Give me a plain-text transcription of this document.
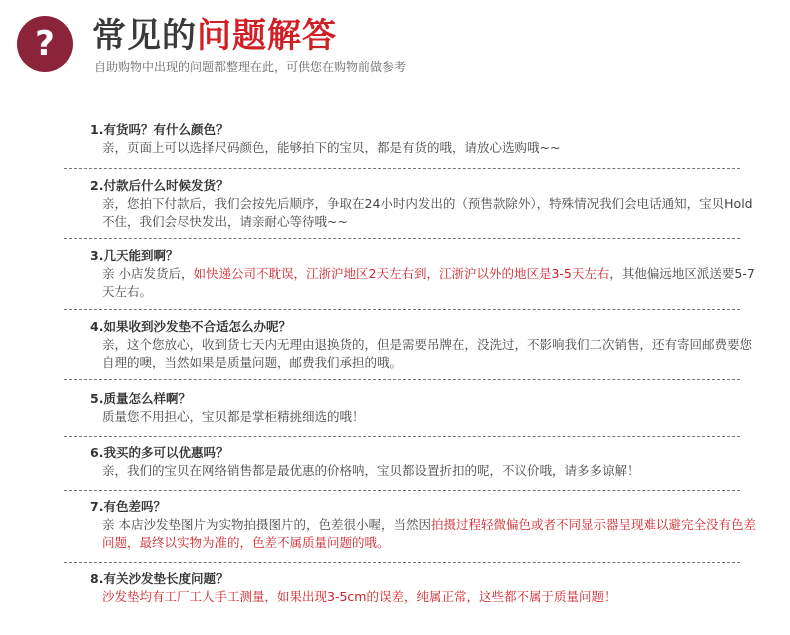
?	常见的问题解答
自助购物中出现的问题都整理在此，可供您在购物前做参考
1.有货吗？有什么颜色？
亲，页面上可以选择尺码颜色，能够拍下的宝贝，都是有货的哦，请放心选购哦~~
2.付款后什么时候发货？
亲，您拍下付款后，我们会按先后顺序，争取在24小时内发出的（预售款除外），特殊情况我们会电话通知，宝贝Hold不住，我们会尽快发出，请亲耐心等待哦~~
3.几天能到啊？
亲 小店发货后，如快递公司不耽误，江浙沪地区2天左右到，江浙沪以外的地区是3-5天左右，其他偏远地区派送要5-7天左右。
4.如果收到沙发垫不合适怎么办呢？
亲，这个您放心，收到货七天内无理由退换货的，但是需要吊牌在，没洗过，不影响我们二次销售，还有寄回邮费要您自理的噢，当然如果是质量问题，邮费我们承担的哦。
5.质量怎么样啊？
质量您不用担心，宝贝都是掌柜精挑细选的哦！
6.我买的多可以优惠吗？
亲，我们的宝贝在网络销售都是最优惠的价格呐，宝贝都设置折扣的呢，不议价哦，请多多谅解！
7.有色差吗？
亲 本店沙发垫图片为实物拍摄图片的，色差很小喔，当然因拍摄过程轻微偏色或者不同显示器呈现难以避完全没有色差问题，最终以实物为准的，色差不属质量问题的哦。
8.有关沙发垫长度问题？
沙发垫均有工厂工人手工测量，如果出现3-5cm的误差，纯属正常，这些都不属于质量问题！
